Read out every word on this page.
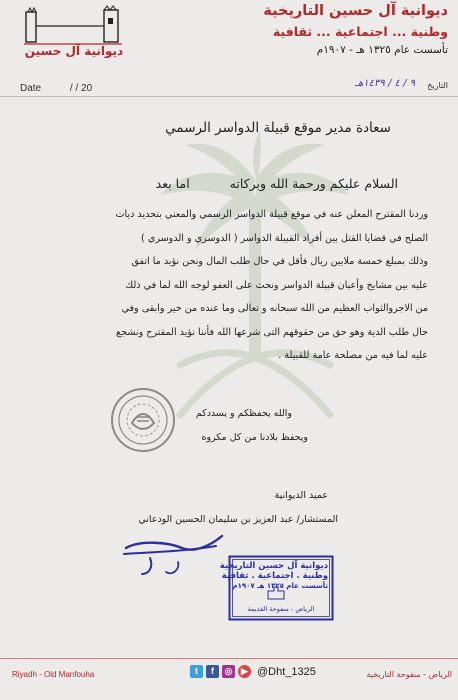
ديوانية آل حسين
ديوانية آل حسين التاريخية
وطنية ... اجتماعية ... ثقافية
تأسست عام ١٣٢٥ هـ - ١٩٠٧م
Date	/ / 20	التاريخ
٩ / ٤ / ١٤٣٩هـ
سعادة مدير موقع قبيلة الدواسر الرسمي
السلام عليكم ورحمة الله وبركاتهاما بعد
وردنا المقترح المعلن عنه في موقع قبيلة الدواسر الرسمي والمعني بتحديد ديات
الصلح في قضايا القتل بين أفراد القبيلة الدواسر ( الدوسري و الدوسري )
وذلك بمبلغ خمسة ملايين ريال فأقل في حال طلب المال ونحن نؤيد ما اتفق
عليه بين مشايخ وأعيان قبيلة الدواسر ونحث على العفو لوجه الله لما في ذلك
من الاجروالثواب العظيم من الله سبحانه و تعالى وما عنده من خير وابقى وفي
حال طلب الدية وهو حق من حقوقهم التى شرعها الله فأننا نؤيد المقترح ونشجع
عليه لما فيه من مصلحة عامة للقبيلة .
والله يحفظكم و يسددكم
ويحفظ بلادنا من كل مكروه
عميد الديوانية
المستشار/ عبد العزيز بن سليمان الحسين الودعاني
ديوانية آل حسين التاريخية
وطنية . اجتماعية . ثقافية
تأسست عام ١٣٢٥ هـ ١٩٠٧م
الرياض - منفوحة القديمة
Riyadh - Old Manfouha	t	f	◎ ▶ @Dht_1325	الرياض - منفوحة التاريخية
